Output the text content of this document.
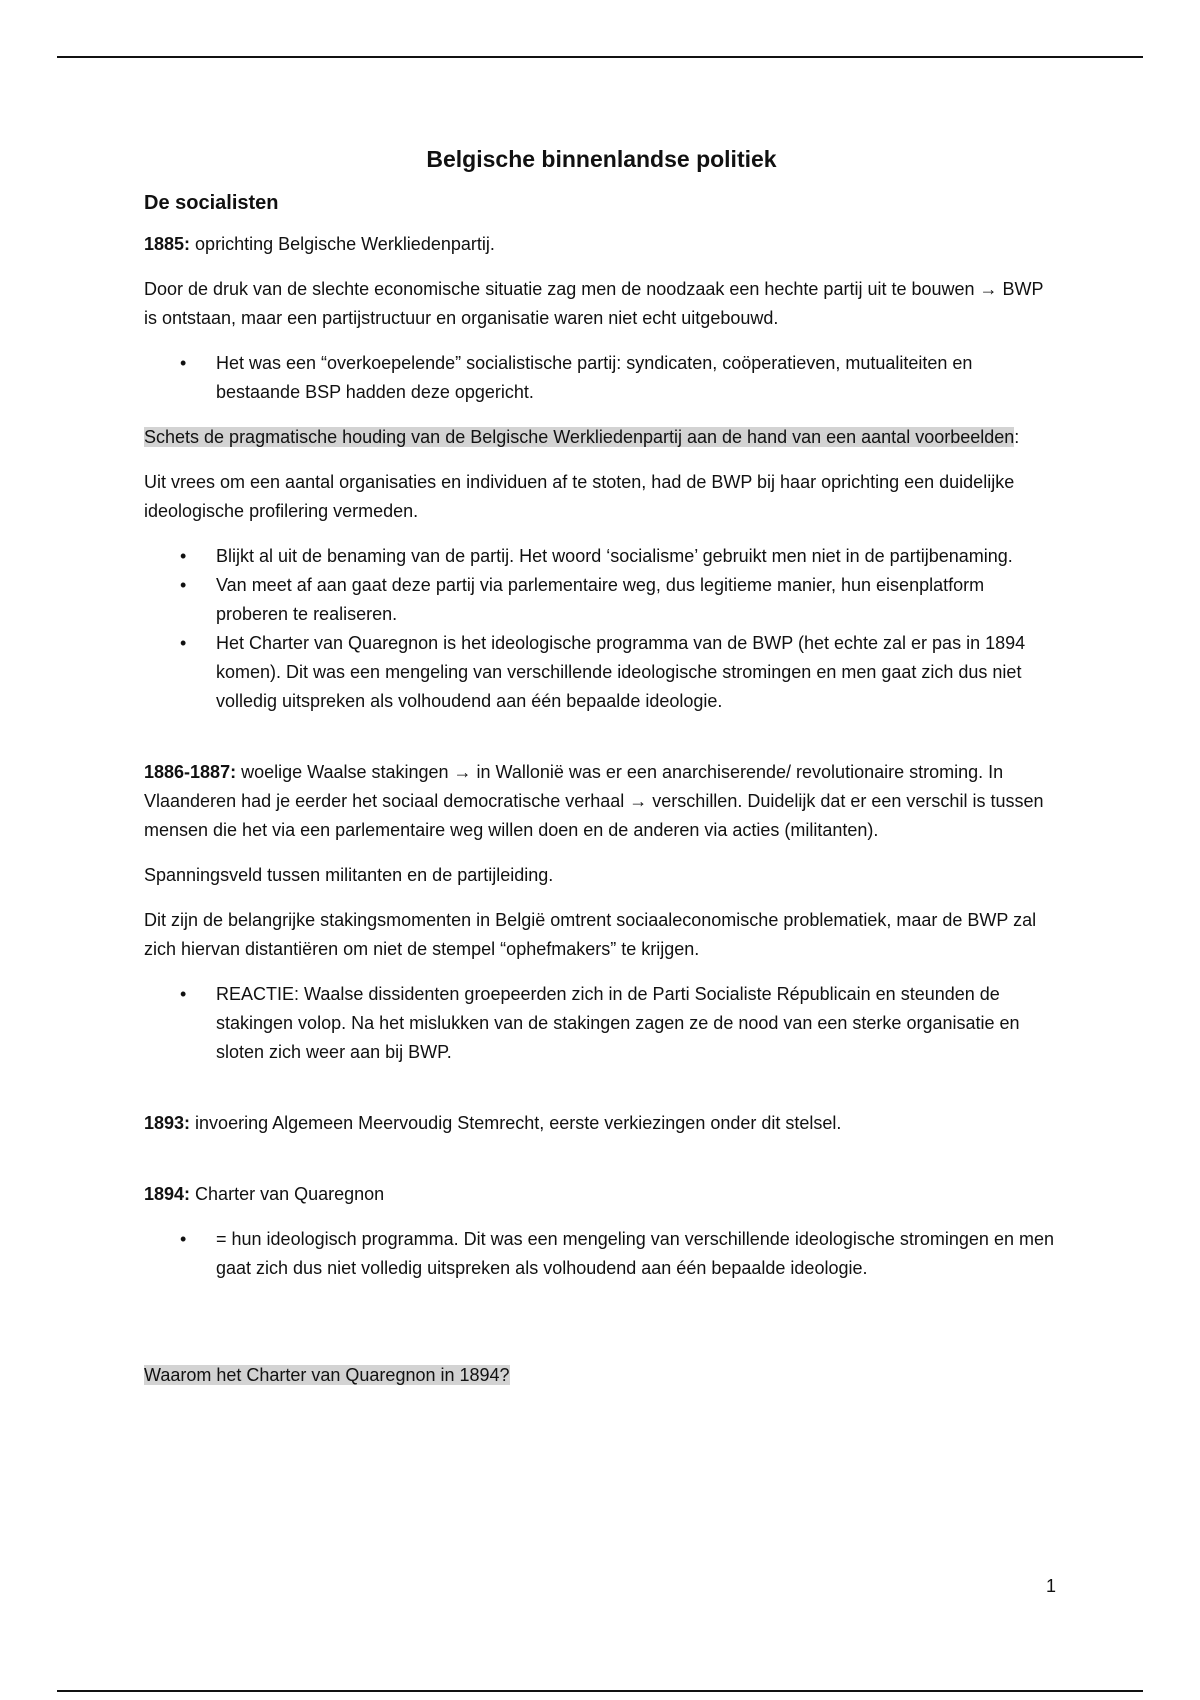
Belgische binnenlandse politiek
De socialisten

1885: oprichting Belgische Werkliedenpartij.

Door de druk van de slechte economische situatie zag men de noodzaak een hechte partij uit te bouwen → BWP is ontstaan, maar een partijstructuur en organisatie waren niet echt uitgebouwd.

• Het was een “overkoepelende” socialistische partij: syndicaten, coöperatieven, mutualiteiten en bestaande BSP hadden deze opgericht.

Schets de pragmatische houding van de Belgische Werkliedenpartij aan de hand van een aantal voorbeelden:

Uit vrees om een aantal organisaties en individuen af te stoten, had de BWP bij haar oprichting een duidelijke ideologische profilering vermeden.

• Blijkt al uit de benaming van de partij. Het woord ‘socialisme’ gebruikt men niet in de partijbenaming.
• Van meet af aan gaat deze partij via parlementaire weg, dus legitieme manier, hun eisenplatform proberen te realiseren.
• Het Charter van Quaregnon is het ideologische programma van de BWP (het echte zal er pas in 1894 komen). Dit was een mengeling van verschillende ideologische stromingen en men gaat zich dus niet volledig uitspreken als volhoudend aan één bepaalde ideologie.

1886-1887: woelige Waalse stakingen → in Wallonië was er een anarchiserende/ revolutionaire stroming. In Vlaanderen had je eerder het sociaal democratische verhaal → verschillen. Duidelijk dat er een verschil is tussen mensen die het via een parlementaire weg willen doen en de anderen via acties (militanten).

Spanningsveld tussen militanten en de partijleiding.

Dit zijn de belangrijke stakingsmomenten in België omtrent sociaaleconomische problematiek, maar de BWP zal zich hiervan distantiëren om niet de stempel “ophefmakers” te krijgen.

• REACTIE: Waalse dissidenten groepeerden zich in de Parti Socialiste Républicain en steunden de stakingen volop. Na het mislukken van de stakingen zagen ze de nood van een sterke organisatie en sloten zich weer aan bij BWP.

1893: invoering Algemeen Meervoudig Stemrecht, eerste verkiezingen onder dit stelsel.

1894: Charter van Quaregnon

• = hun ideologisch programma. Dit was een mengeling van verschillende ideologische stromingen en men gaat zich dus niet volledig uitspreken als volhoudend aan één bepaalde ideologie.

Waarom het Charter van Quaregnon in 1894?

1
